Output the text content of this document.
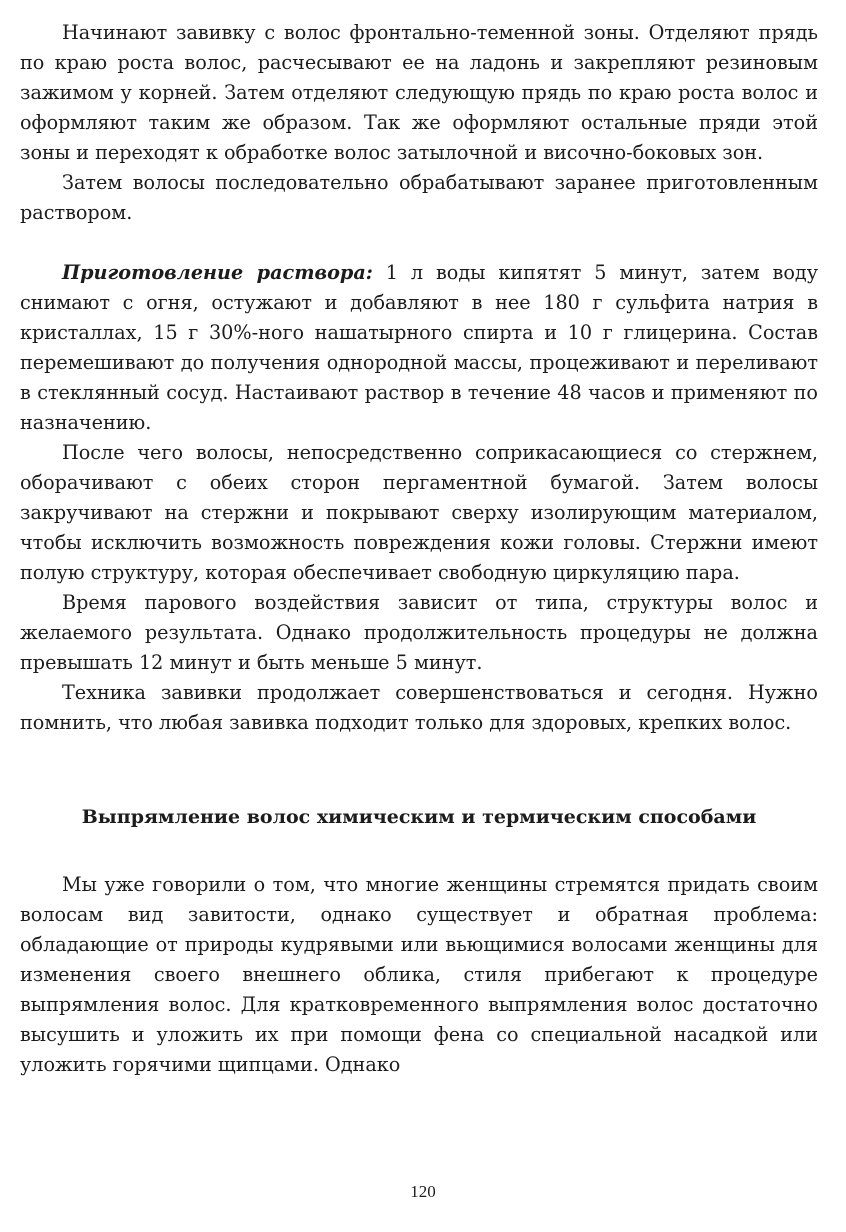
Начинают завивку с волос фронтально-теменной зоны. Отделяют прядь по краю роста волос, расчесывают ее на ладонь и закрепляют резиновым зажимом у корней. Затем отделяют следующую прядь по краю роста волос и оформляют таким же образом. Так же оформляют остальные пряди этой зоны и переходят к обработке волос затылочной и височно-боковых зон.

Затем волосы последовательно обрабатывают заранее приготовленным раствором.

Приготовление раствора: 1 л воды кипятят 5 минут, затем воду снимают с огня, остужают и добавляют в нее 180 г сульфита натрия в кристаллах, 15 г 30%-ного нашатырного спирта и 10 г глицерина. Состав перемешивают до получения однородной массы, процеживают и переливают в стеклянный сосуд. Настаивают раствор в течение 48 часов и применяют по назначению.

После чего волосы, непосредственно соприкасающиеся со стержнем, оборачивают с обеих сторон пергаментной бумагой. Затем волосы закручивают на стержни и покрывают сверху изолирующим материалом, чтобы исключить возможность повреждения кожи головы. Стержни имеют полую структуру, которая обеспечивает свободную циркуляцию пара.

Время парового воздействия зависит от типа, структуры волос и желаемого результата. Однако продолжительность процедуры не должна превышать 12 минут и быть меньше 5 минут.

Техника завивки продолжает совершенствоваться и сегодня. Нужно помнить, что любая завивка подходит только для здоровых, крепких волос.

Выпрямление волос химическим и термическим способами

Мы уже говорили о том, что многие женщины стремятся придать своим волосам вид завитости, однако существует и обратная проблема: обладающие от природы кудрявыми или вьющимися волосами женщины для изменения своего внешнего облика, стиля прибегают к процедуре выпрямления волос. Для кратковременного выпрямления волос достаточно высушить и уложить их при помощи фена со специальной насадкой или уложить горячими щипцами. Однако

120
